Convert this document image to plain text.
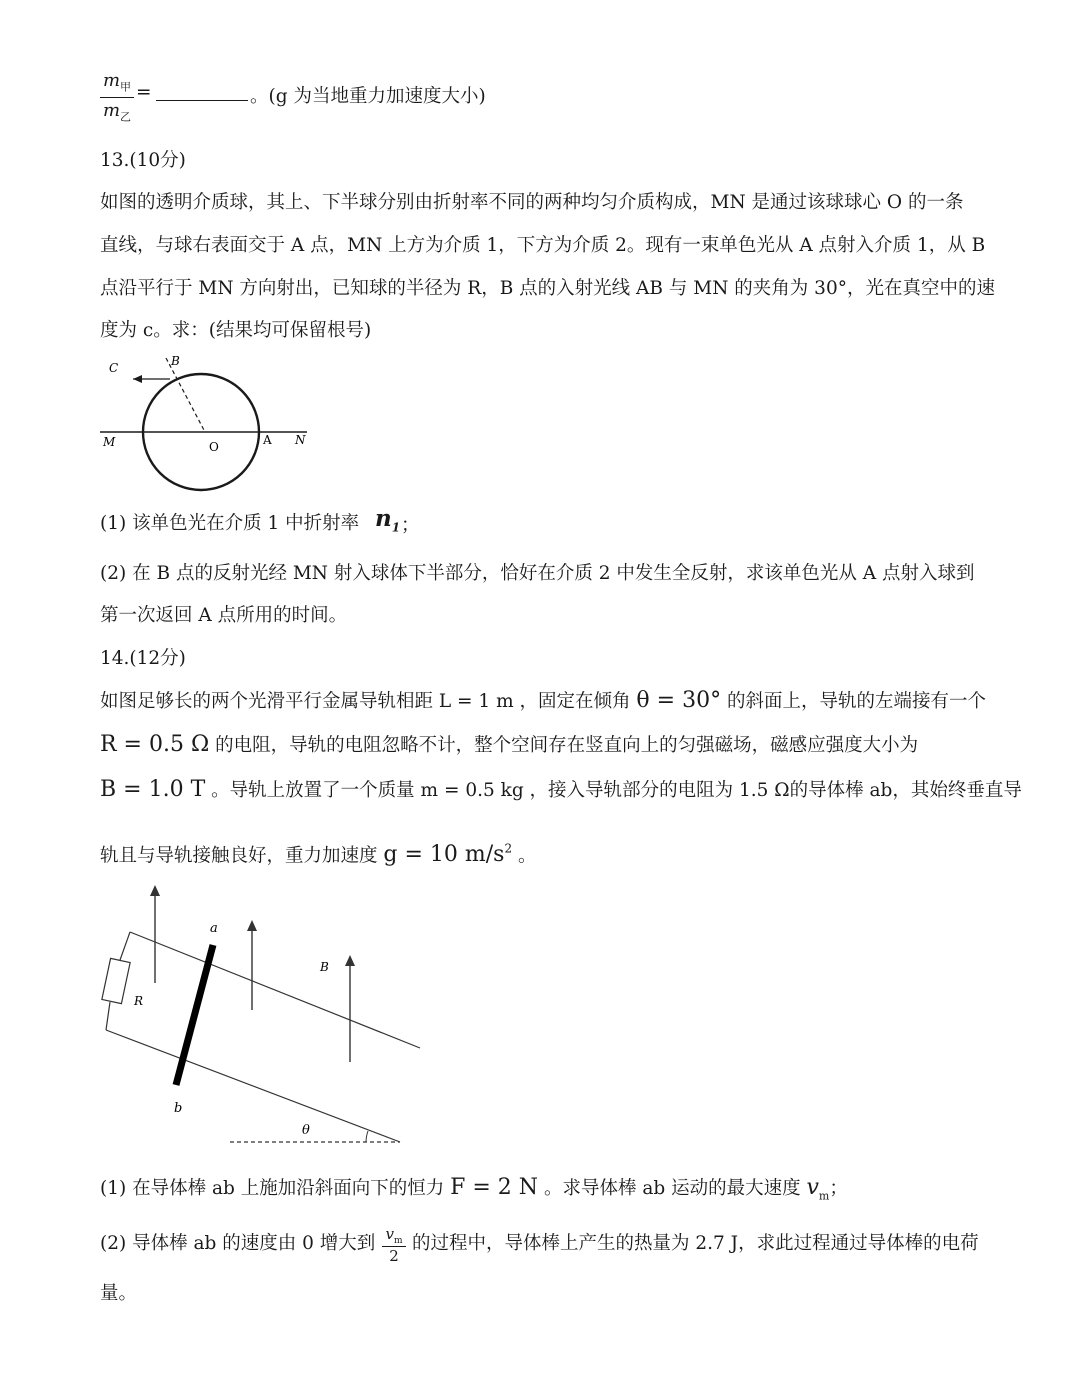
$m_甲$
$m_乙$
=	。(g 为当地重力加速度大小)
13.(10分)
如图的透明介质球，其上、下半球分别由折射率不同的两种均匀介质构成，MN 是通过该球球心 O 的一条
直线，与球右表面交于 A 点，MN 上方为介质 1，下方为介质 2。现有一束单色光从 A 点射入介质 1，从 B
点沿平行于 MN 方向射出，已知球的半径为 R，B 点的入射光线 AB 与 MN 的夹角为 30°，光在真空中的速
度为 c。求：(结果均可保留根号)
C	B
M	O	A N
(1) 该单色光在介质 1 中折射率 $n_1$ ；
(2) 在 B 点的反射光经 MN 射入球体下半部分，恰好在介质 2 中发生全反射，求该单色光从 A 点射入球到
第一次返回 A 点所用的时间。
14.(12分)
如图足够长的两个光滑平行金属导轨相距 L = 1 m ，固定在倾角 θ = 30° 的斜面上，导轨的左端接有一个
R = 0.5 Ω 的电阻，导轨的电阻忽略不计，整个空间存在竖直向上的匀强磁场，磁感应强度大小为
B = 1.0 T 。导轨上放置了一个质量 m = 0.5 kg ，接入导轨部分的电阻为 1.5 Ω的导体棒 ab，其始终垂直导
轨且与导轨接触良好，重力加速度 g = 10 $m/s^2$ 。
a
b
R
B
θ
(1) 在导体棒 ab 上施加沿斜面向下的恒力 F = 2 N 。求导体棒 ab 运动的最大速度 $v_m$；
(2) 导体棒 ab 的速度由 0 增大到 $\frac{v_m}{2}$ 的过程中，导体棒上产生的热量为 2.7 J，求此过程通过导体棒的电荷
量。
